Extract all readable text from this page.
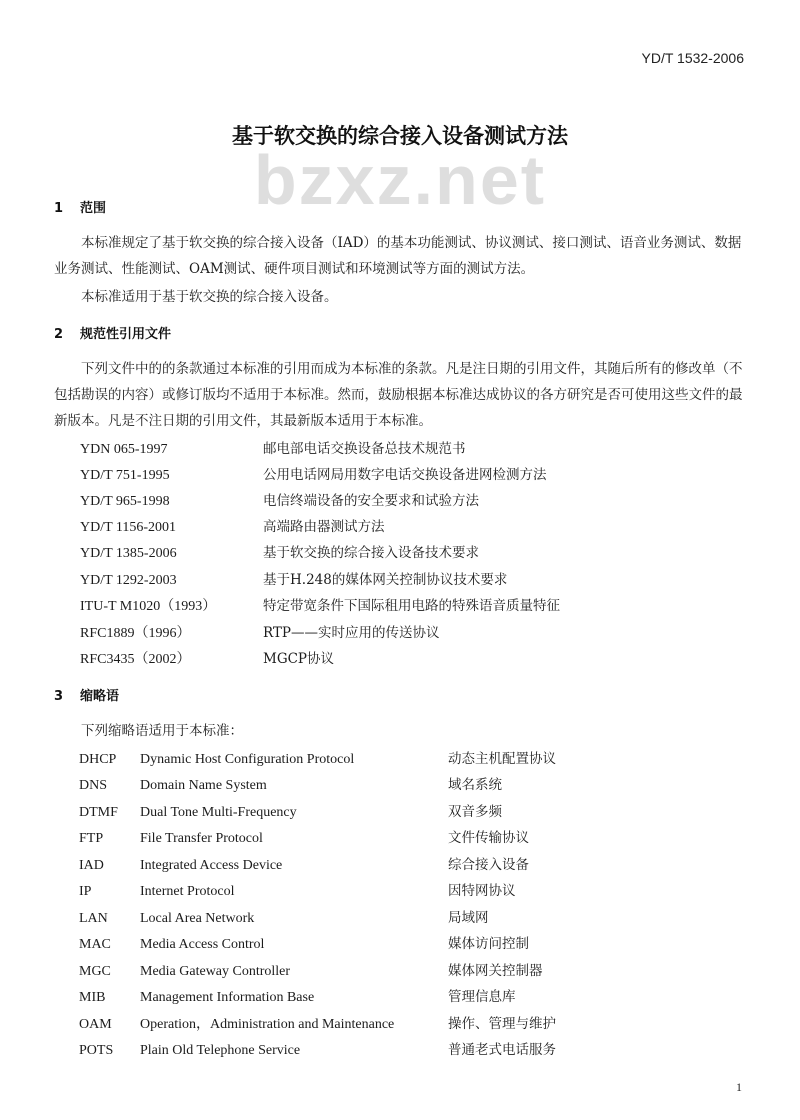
YD/T 1532-2006
bzxz.net
基于软交换的综合接入设备测试方法
1 范围
本标准规定了基于软交换的综合接入设备（IAD）的基本功能测试、协议测试、接口测试、语音业务测试、数据业务测试、性能测试、OAM测试、硬件项目测试和环境测试等方面的测试方法。
本标准适用于基于软交换的综合接入设备。
2 规范性引用文件
下列文件中的的条款通过本标准的引用而成为本标准的条款。凡是注日期的引用文件，其随后所有的修改单（不包括勘误的内容）或修订版均不适用于本标准。然而，鼓励根据本标准达成协议的各方研究是否可使用这些文件的最新版本。凡是不注日期的引用文件，其最新版本适用于本标准。
YDN 065-1997	邮电部电话交换设备总技术规范书
YD/T 751-1995	公用电话网局用数字电话交换设备进网检测方法
YD/T 965-1998	电信终端设备的安全要求和试验方法
YD/T 1156-2001	高端路由器测试方法
YD/T 1385-2006	基于软交换的综合接入设备技术要求
YD/T 1292-2003	基于H.248的媒体网关控制协议技术要求
ITU-T M1020（1993）	特定带宽条件下国际租用电路的特殊语音质量特征
RFC1889（1996）	RTP——实时应用的传送协议
RFC3435（2002）	MGCP协议
3 缩略语
下列缩略语适用于本标准：
DHCP Dynamic Host Configuration Protocol	动态主机配置协议
DNS Domain Name System	域名系统
DTMF Dual Tone Multi-Frequency	双音多频
FTP	File Transfer Protocol	文件传输协议
IAD	Integrated Access Device	综合接入设备
IP	Internet Protocol	因特网协议
LAN Local Area Network	局域网
MAC Media Access Control	媒体访问控制
MGC Media Gateway Controller	媒体网关控制器
MIB Management Information Base	管理信息库
OAM Operation，Administration and Maintenance	操作、管理与维护
POTS Plain Old Telephone Service	普通老式电话服务
1
